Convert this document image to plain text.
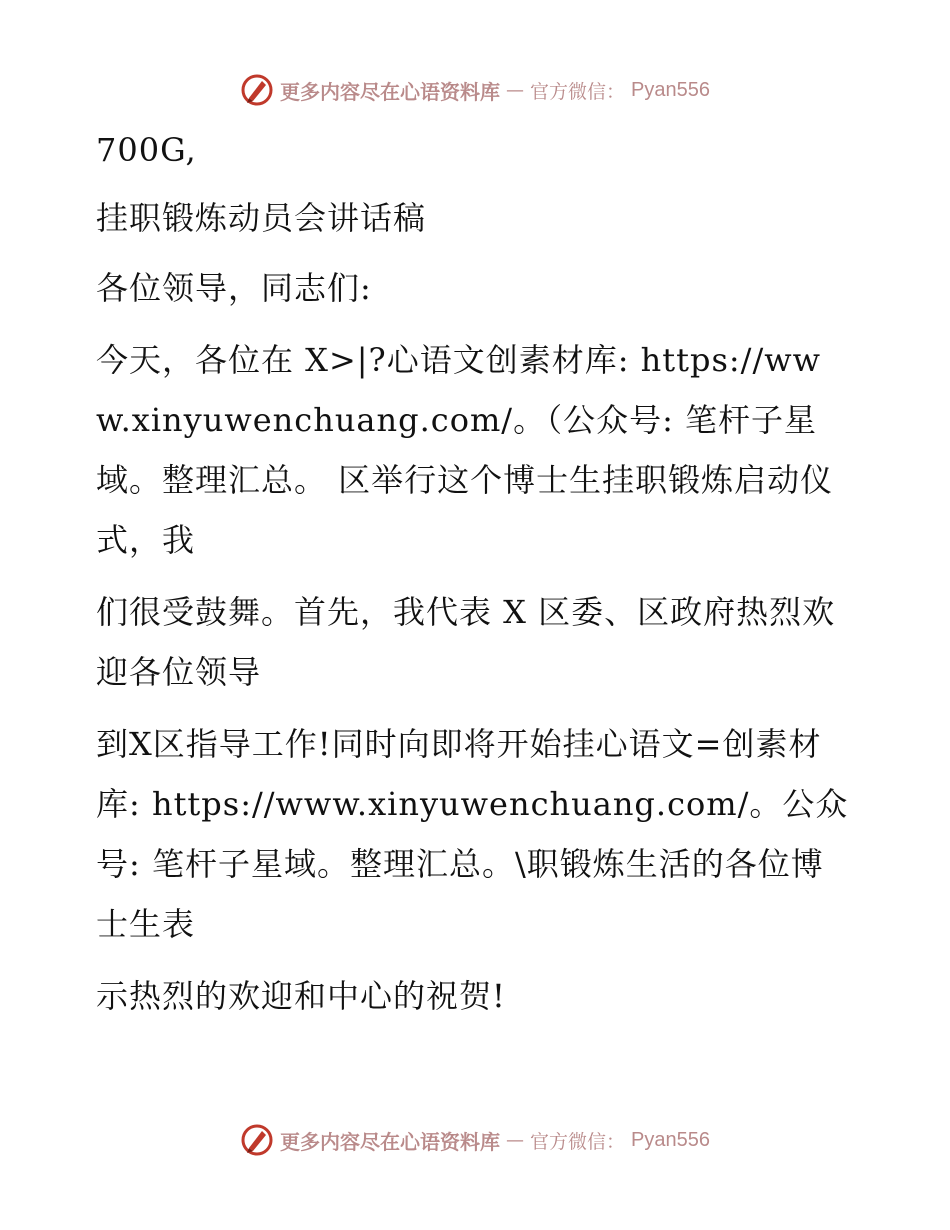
更多内容尽在心语资料库 — 官方微信： Pyan556

700G,

挂职锻炼动员会讲话稿

各位领导，同志们:

今天，各位在 X>|?心语文创素材库: https://www.xinyuwenchuang.com/。（公众号: 笔杆子星域。整理汇总。 区举行这个博士生挂职锻炼启动仪式，我

们很受鼓舞。首先，我代表 X 区委、区政府热烈欢迎各位领导

到X区指导工作!同时向即将开始挂心语文=创素材库: https://www.xinyuwenchuang.com/。公众号: 笔杆子星域。整理汇总。\职锻炼生活的各位博士生表

示热烈的欢迎和中心的祝贺!

更多内容尽在心语资料库 — 官方微信： Pyan556
